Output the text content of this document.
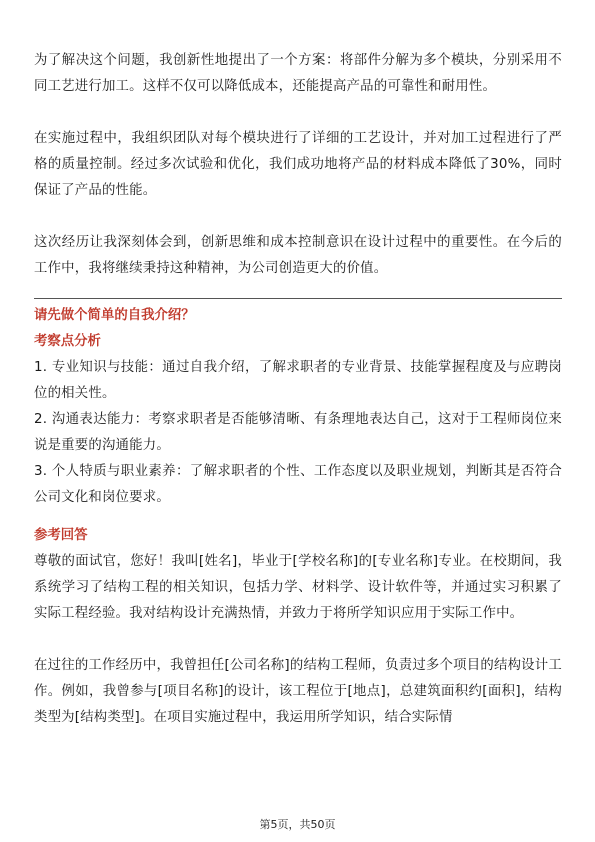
为了解决这个问题，我创新性地提出了一个方案：将部件分解为多个模块，分别采用不同工艺进行加工。这样不仅可以降低成本，还能提高产品的可靠性和耐用性。

在实施过程中，我组织团队对每个模块进行了详细的工艺设计，并对加工过程进行了严格的质量控制。经过多次试验和优化，我们成功地将产品的材料成本降低了30%，同时保证了产品的性能。

这次经历让我深刻体会到，创新思维和成本控制意识在设计过程中的重要性。在今后的工作中，我将继续秉持这种精神，为公司创造更大的价值。

请先做个简单的自我介绍？
考察点分析

1. 专业知识与技能：通过自我介绍，了解求职者的专业背景、技能掌握程度及与应聘岗位的相关性。

2. 沟通表达能力：考察求职者是否能够清晰、有条理地表达自己，这对于工程师岗位来说是重要的沟通能力。

3. 个人特质与职业素养：了解求职者的个性、工作态度以及职业规划，判断其是否符合公司文化和岗位要求。

参考回答

尊敬的面试官，您好！我叫[姓名]，毕业于[学校名称]的[专业名称]专业。在校期间，我系统学习了结构工程的相关知识，包括力学、材料学、设计软件等，并通过实习积累了实际工程经验。我对结构设计充满热情，并致力于将所学知识应用于实际工作中。

在过往的工作经历中，我曾担任[公司名称]的结构工程师，负责过多个项目的结构设计工作。例如，我曾参与[项目名称]的设计，该工程位于[地点]，总建筑面积约[面积]，结构类型为[结构类型]。在项目实施过程中，我运用所学知识，结合实际情

第5页，共50页
